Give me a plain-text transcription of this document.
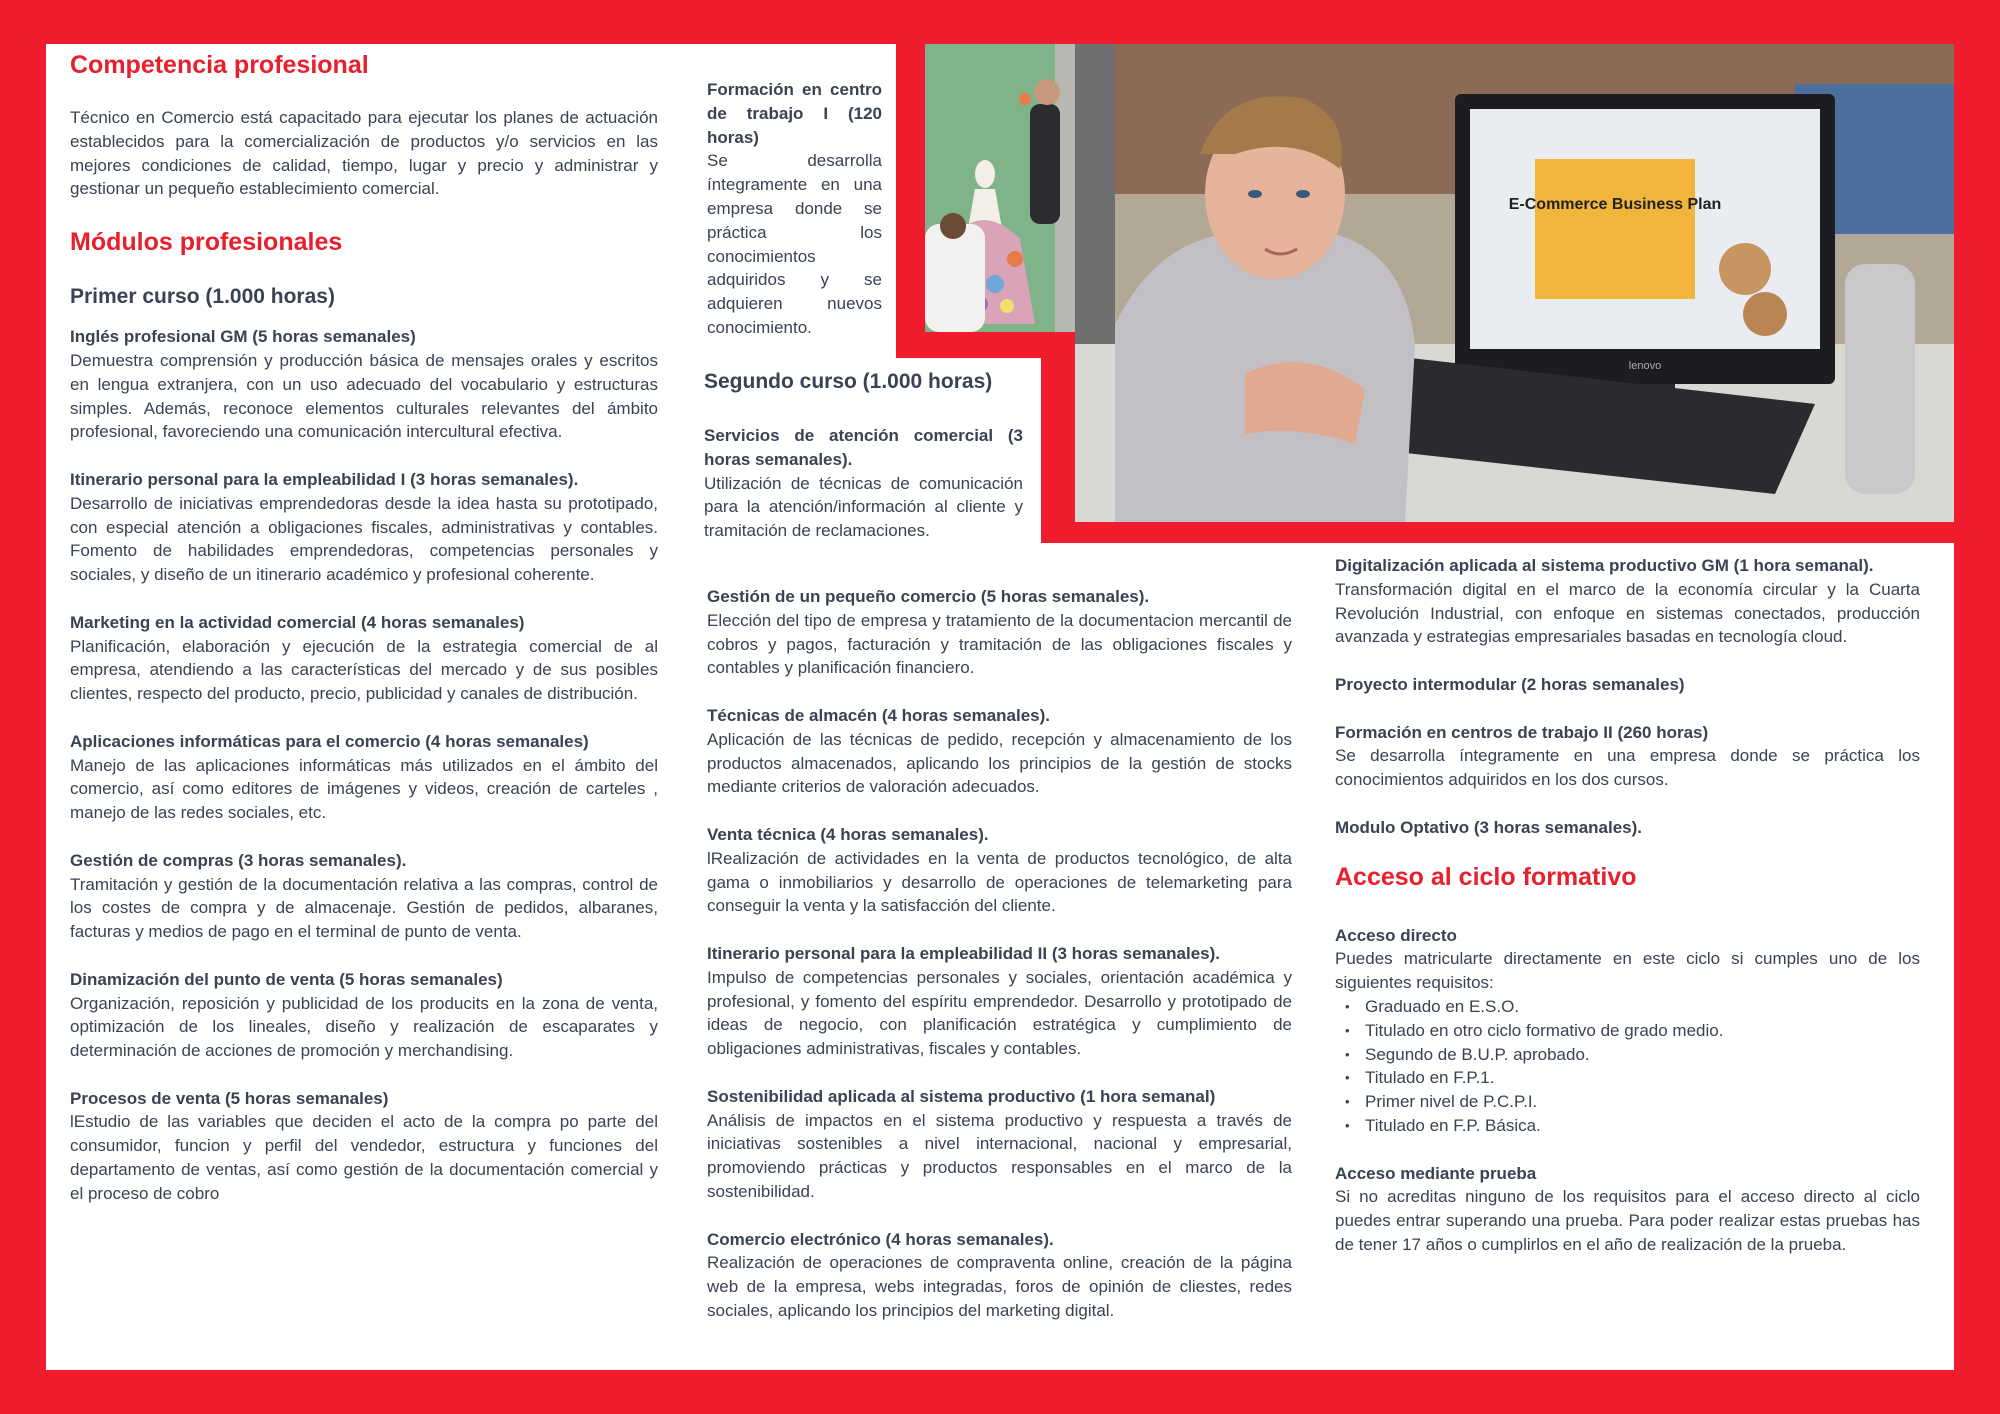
Competencia profesional

Técnico en Comercio está capacitado para ejecutar los planes de actuación establecidos para la comercialización de productos y/o servicios en las mejores condiciones de calidad, tiempo, lugar y precio y administrar y gestionar un pequeño establecimiento comercial.

Módulos profesionales
Primer curso (1.000 horas)
Inglés profesional GM (5 horas semanales)

Demuestra comprensión y producción básica de mensajes orales y escritos en lengua extranjera, con un uso adecuado del vocabulario y estructuras simples. Además, reconoce elementos culturales relevantes del ámbito profesional, favoreciendo una comunicación intercultural efectiva.

Itinerario personal para la empleabilidad I (3 horas semanales).

Desarrollo de iniciativas emprendedoras desde la idea hasta su prototipado, con especial atención a obligaciones fiscales, administrativas y contables. Fomento de habilidades emprendedoras, competencias personales y sociales, y diseño de un itinerario académico y profesional coherente.

Marketing en la actividad comercial (4 horas semanales)

Planificación, elaboración y ejecución de la estrategia comercial de al empresa, atendiendo a las características del mercado y de sus posibles clientes, respecto del producto, precio, publicidad y canales de distribución.

Aplicaciones informáticas para el comercio (4 horas semanales)

Manejo de las aplicaciones informáticas más utilizados en el ámbito del comercio, así como editores de imágenes y videos, creación de carteles , manejo de las redes sociales, etc.

Gestión de compras (3 horas semanales).

Tramitación y gestión de la documentación relativa a las compras, control de los costes de compra y de almacenaje. Gestión de pedidos, albaranes, facturas y medios de pago en el terminal de punto de venta.

Dinamización del punto de venta (5 horas semanales)

Organización, reposición y publicidad de los producits en la zona de venta, optimización de los lineales, diseño y realización de escaparates y determinación de acciones de promoción y merchandising.

Procesos de venta (5 horas semanales)

lEstudio de las variables que deciden el acto de la compra po parte del consumidor, funcion y perfil del vendedor, estructura y funciones del departamento de ventas, así como gestión de la documentación comercial y el proceso de cobro

Formación en centro de trabajo I (120 horas)

Se desarrolla íntegramente en una empresa donde se práctica los conocimientos adquiridos y se adquieren nuevos conocimiento.

Segundo curso (1.000 horas)
Servicios de atención comercial (3 horas semanales).

Utilización de técnicas de comunicación para la atención/información al cliente y tramitación de reclamaciones.

Gestión de un pequeño comercio (5 horas semanales).

Elección del tipo de empresa y tratamiento de la documentacion mercantil de cobros y pagos, facturación y tramitación de las obligaciones fiscales y contables y planificación financiero.

Técnicas de almacén (4 horas semanales).

Aplicación de las técnicas de pedido, recepción y almacenamiento de los productos almacenados, aplicando los principios de la gestión de stocks mediante criterios de valoración adecuados.

Venta técnica (4 horas semanales).

lRealización de actividades en la venta de productos tecnológico, de alta gama o inmobiliarios y desarrollo de operaciones de telemarketing para conseguir la venta y la satisfacción del cliente.

Itinerario personal para la empleabilidad II (3 horas semanales).

Impulso de competencias personales y sociales, orientación académica y profesional, y fomento del espíritu emprendedor. Desarrollo y prototipado de ideas de negocio, con planificación estratégica y cumplimiento de obligaciones administrativas, fiscales y contables.

Sostenibilidad aplicada al sistema productivo (1 hora semanal)

Análisis de impactos en el sistema productivo y respuesta a través de iniciativas sostenibles a nivel internacional, nacional y empresarial, promoviendo prácticas y productos responsables en el marco de la sostenibilidad.

Comercio electrónico (4 horas semanales).

Realización de operaciones de compraventa online, creación de la página web de la empresa, webs integradas, foros de opinión de cliestes, redes sociales, aplicando los principios del marketing digital.

Digitalización aplicada al sistema productivo GM (1 hora semanal).

Transformación digital en el marco de la economía circular y la Cuarta Revolución Industrial, con enfoque en sistemas conectados, producción avanzada y estrategias empresariales basadas en tecnología cloud.

Proyecto intermodular (2 horas semanales)
Formación en centros de trabajo II (260 horas)

Se desarrolla íntegramente en una empresa donde se práctica los conocimientos adquiridos en los dos cursos.

Modulo Optativo (3 horas semanales).
Acceso al ciclo formativo
Acceso directo

Puedes matricularte directamente en este ciclo si cumples uno de los siguientes requisitos:

• Graduado en E.S.O.
• Titulado en otro ciclo formativo de grado medio.
• Segundo de B.U.P. aprobado.
• Titulado en F.P.1.
• Primer nivel de P.C.P.I.
• Titulado en F.P. Básica.
Acceso mediante prueba

Si no acreditas ninguno de los requisitos para el acceso directo al ciclo puedes entrar superando una prueba. Para poder realizar estas pruebas has de tener 17 años o cumplirlos en el año de realización de la prueba.

E-Commerce Business Plan
lenovo
